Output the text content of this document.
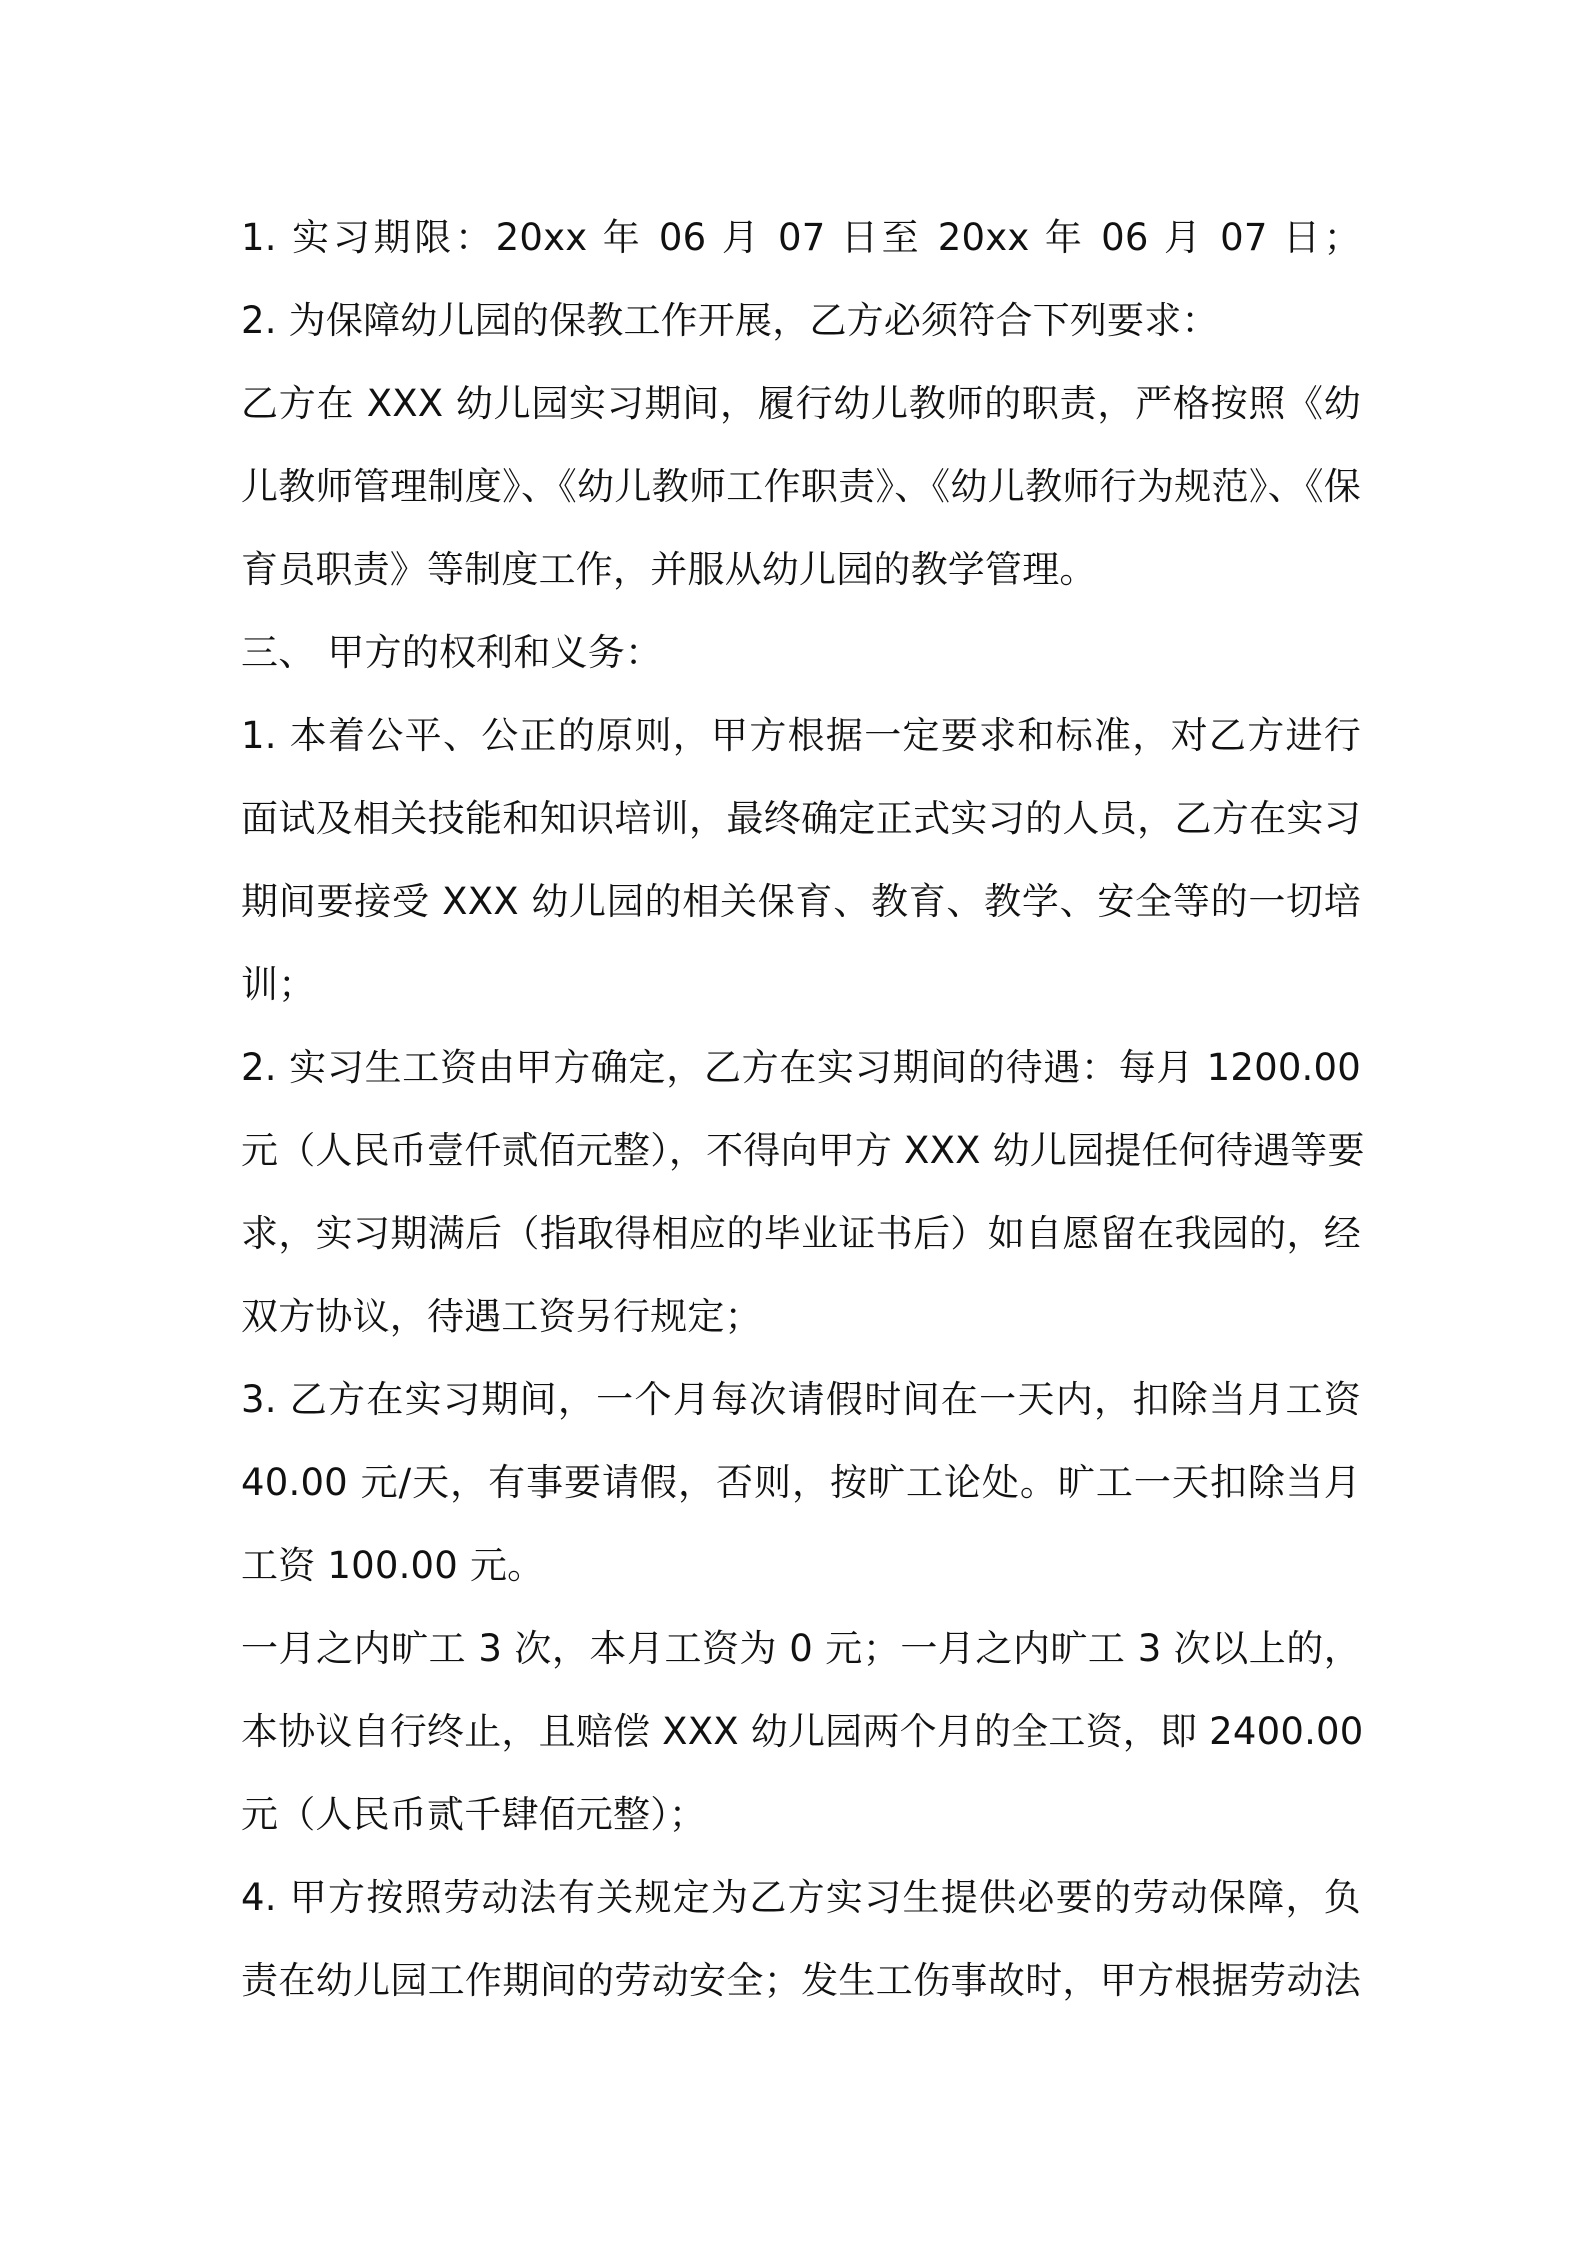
1. 实习期限：20xx 年 06 月 07 日至 20xx 年 06 月 07 日；
2. 为保障幼儿园的保教工作开展，乙方必须符合下列要求：
乙方在 XXX 幼儿园实习期间，履行幼儿教师的职责，严格按照《幼
儿教师管理制度》、《幼儿教师工作职责》、《幼儿教师行为规范》、《保
育员职责》等制度工作，并服从幼儿园的教学管理。
三、 甲方的权利和义务：
1. 本着公平、公正的原则，甲方根据一定要求和标准，对乙方进行
面试及相关技能和知识培训，最终确定正式实习的人员，乙方在实习
期间要接受 XXX 幼儿园的相关保育、教育、教学、安全等的一切培
训；
2. 实习生工资由甲方确定，乙方在实习期间的待遇：每月 1200.00
元（人民币壹仟贰佰元整），不得向甲方 XXX 幼儿园提任何待遇等要
求，实习期满后（指取得相应的毕业证书后）如自愿留在我园的，经
双方协议，待遇工资另行规定；
3. 乙方在实习期间，一个月每次请假时间在一天内，扣除当月工资
40.00 元/天，有事要请假，否则，按旷工论处。旷工一天扣除当月
工资 100.00 元。
一月之内旷工 3 次，本月工资为 0 元；一月之内旷工 3 次以上的，
本协议自行终止，且赔偿 XXX 幼儿园两个月的全工资，即 2400.00
元（人民币贰千肆佰元整）；
4. 甲方按照劳动法有关规定为乙方实习生提供必要的劳动保障，负
责在幼儿园工作期间的劳动安全；发生工伤事故时，甲方根据劳动法
